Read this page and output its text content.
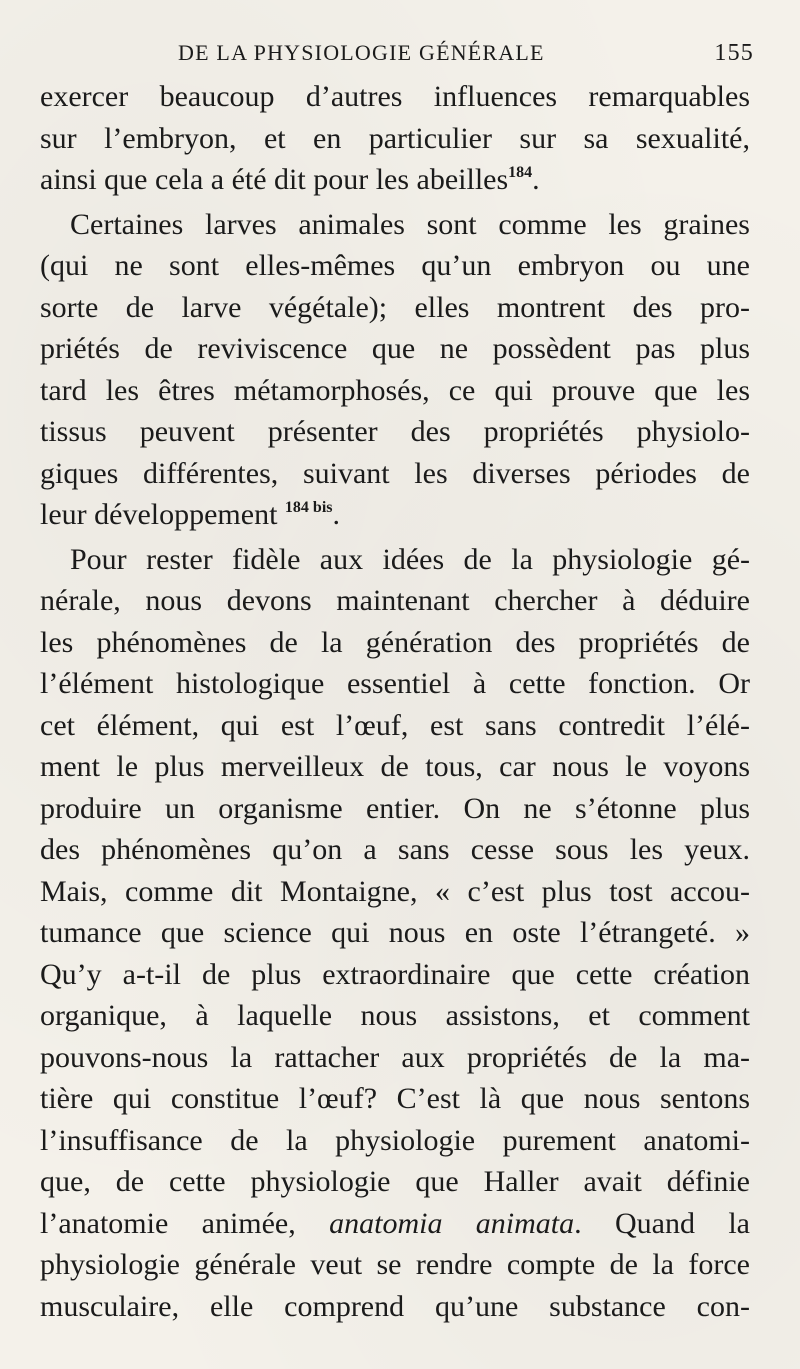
DE LA PHYSIOLOGIE GÉNÉRALE	155
exercer beaucoup d’autres influences remarquables
sur l’embryon, et en particulier sur sa sexualité,
ainsi que cela a été dit pour les abeilles$^{184}$.
Certaines larves animales sont comme les graines
(qui ne sont elles-mêmes qu’un embryon ou une
sorte de larve végétale); elles montrent des pro-
priétés de reviviscence que ne possèdent pas plus
tard les êtres métamorphosés, ce qui prouve que les
tissus peuvent présenter des propriétés physiolo-
giques différentes, suivant les diverses périodes de
leur développement $^{184 bis}$.
Pour rester fidèle aux idées de la physiologie gé-
nérale, nous devons maintenant chercher à déduire
les phénomènes de la génération des propriétés de
l’élément histologique essentiel à cette fonction. Or
cet élément, qui est l’œuf, est sans contredit l’élé-
ment le plus merveilleux de tous, car nous le voyons
produire un organisme entier. On ne s’étonne plus
des phénomènes qu’on a sans cesse sous les yeux.
Mais, comme dit Montaigne, « c’est plus tost accou-
tumance que science qui nous en oste l’étrangeté. »
Qu’y a-t-il de plus extraordinaire que cette création
organique, à laquelle nous assistons, et comment
pouvons-nous la rattacher aux propriétés de la ma-
tière qui constitue l’œuf? C’est là que nous sentons
l’insuffisance de la physiologie purement anatomi-
que, de cette physiologie que Haller avait définie
l’anatomie animée, anatomia animata. Quand la
physiologie générale veut se rendre compte de la force
musculaire, elle comprend qu’une substance con-
